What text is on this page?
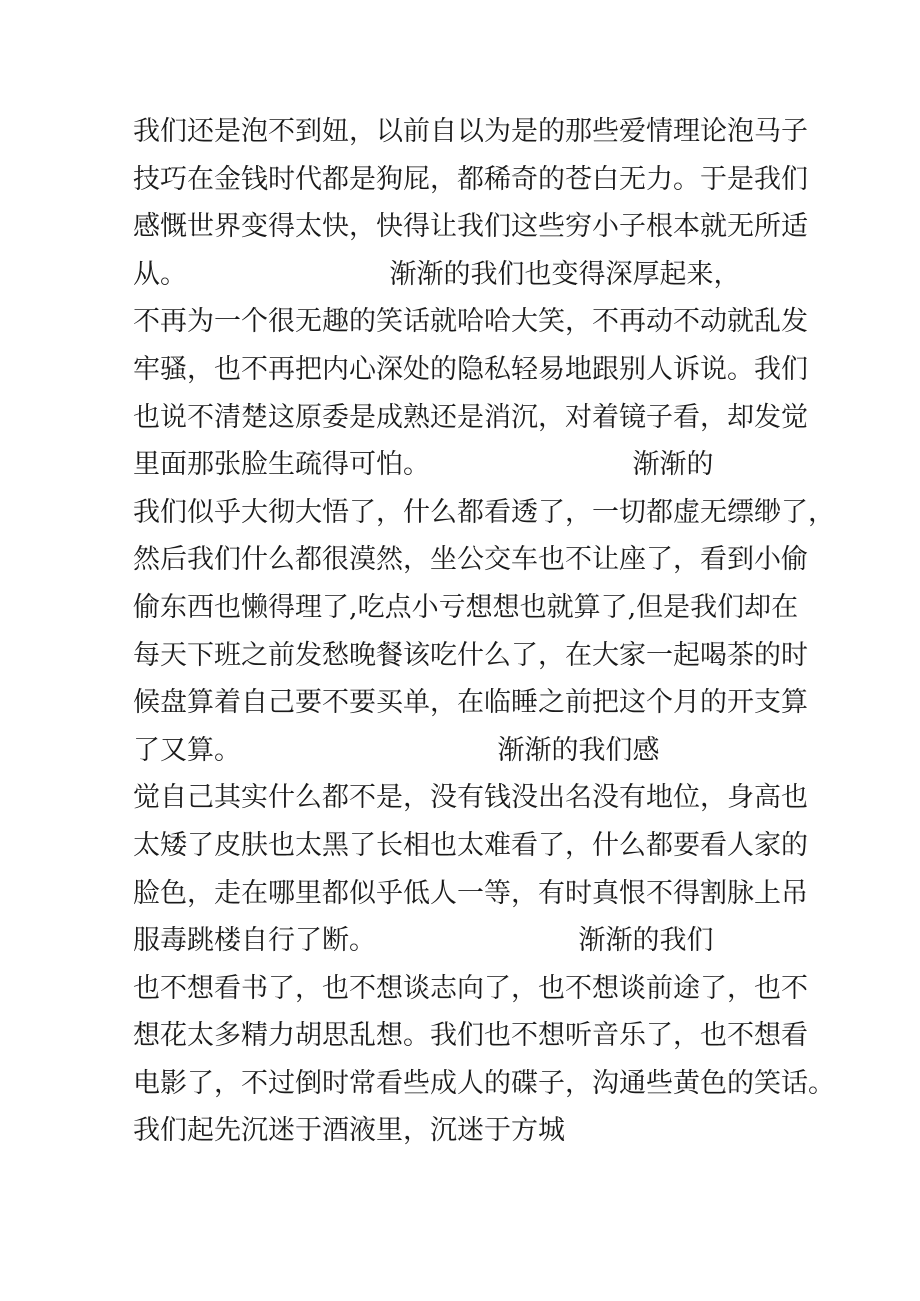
我们还是泡不到妞，以前自以为是的那些爱情理论泡马子
技巧在金钱时代都是狗屁，都稀奇的苍白无力。于是我们
感慨世界变得太快，快得让我们这些穷小子根本就无所适
从。　　　　　　　　渐渐的我们也变得深厚起来，
不再为一个很无趣的笑话就哈哈大笑，不再动不动就乱发
牢骚，也不再把内心深处的隐私轻易地跟别人诉说。我们
也说不清楚这原委是成熟还是消沉，对着镜子看，却发觉
里面那张脸生疏得可怕。　　　　　　　　渐渐的
我们似乎大彻大悟了，什么都看透了，一切都虚无缥缈了，
然后我们什么都很漠然，坐公交车也不让座了，看到小偷
偷东西也懒得理了,吃点小亏想想也就算了,但是我们却在
每天下班之前发愁晚餐该吃什么了，在大家一起喝茶的时
候盘算着自己要不要买单，在临睡之前把这个月的开支算
了又算。　　　　　　　　　　渐渐的我们感
觉自己其实什么都不是，没有钱没出名没有地位，身高也
太矮了皮肤也太黑了长相也太难看了，什么都要看人家的
脸色，走在哪里都似乎低人一等，有时真恨不得割脉上吊
服毒跳楼自行了断。　　　　　　　　渐渐的我们
也不想看书了，也不想谈志向了，也不想谈前途了，也不
想花太多精力胡思乱想。我们也不想听音乐了，也不想看
电影了，不过倒时常看些成人的碟子，沟通些黄色的笑话。
我们起先沉迷于酒液里，沉迷于方城
